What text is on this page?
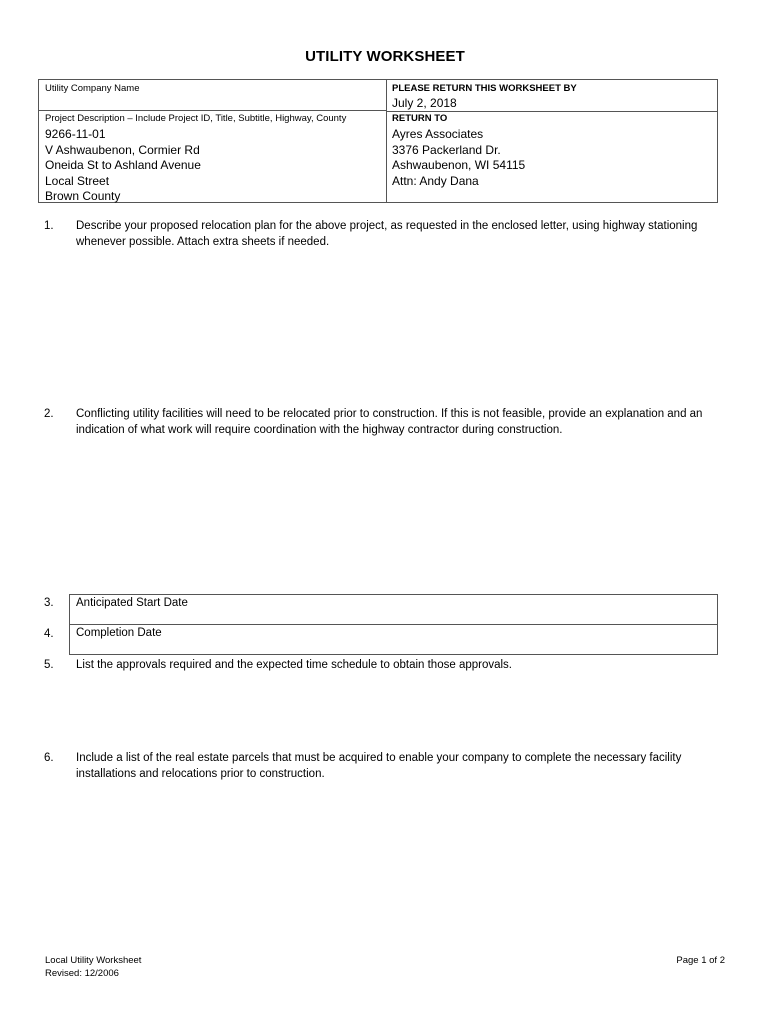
UTILITY WORKSHEET
Utility Company Name	PLEASE RETURN THIS WORKSHEET BY
July 2, 2018
Project Description – Include Project ID, Title, Subtitle, Highway, County
9266-11-01
V Ashwaubenon, Cormier Rd
Oneida St to Ashland Avenue
Local Street
Brown County
RETURN TO
Ayres Associates
3376 Packerland Dr.
Ashwaubenon, WI 54115
Attn: Andy Dana
1. Describe your proposed relocation plan for the above project, as requested in the enclosed letter, using highway stationing whenever possible. Attach extra sheets if needed.
2. Conflicting utility facilities will need to be relocated prior to construction. If this is not feasible, provide an explanation and an indication of what work will require coordination with the highway contractor during construction.
3. Anticipated Start Date
4. Completion Date
5. List the approvals required and the expected time schedule to obtain those approvals.
6. Include a list of the real estate parcels that must be acquired to enable your company to complete the necessary facility installations and relocations prior to construction.
Local Utility Worksheet
Revised: 12/2006
Page 1 of 2
